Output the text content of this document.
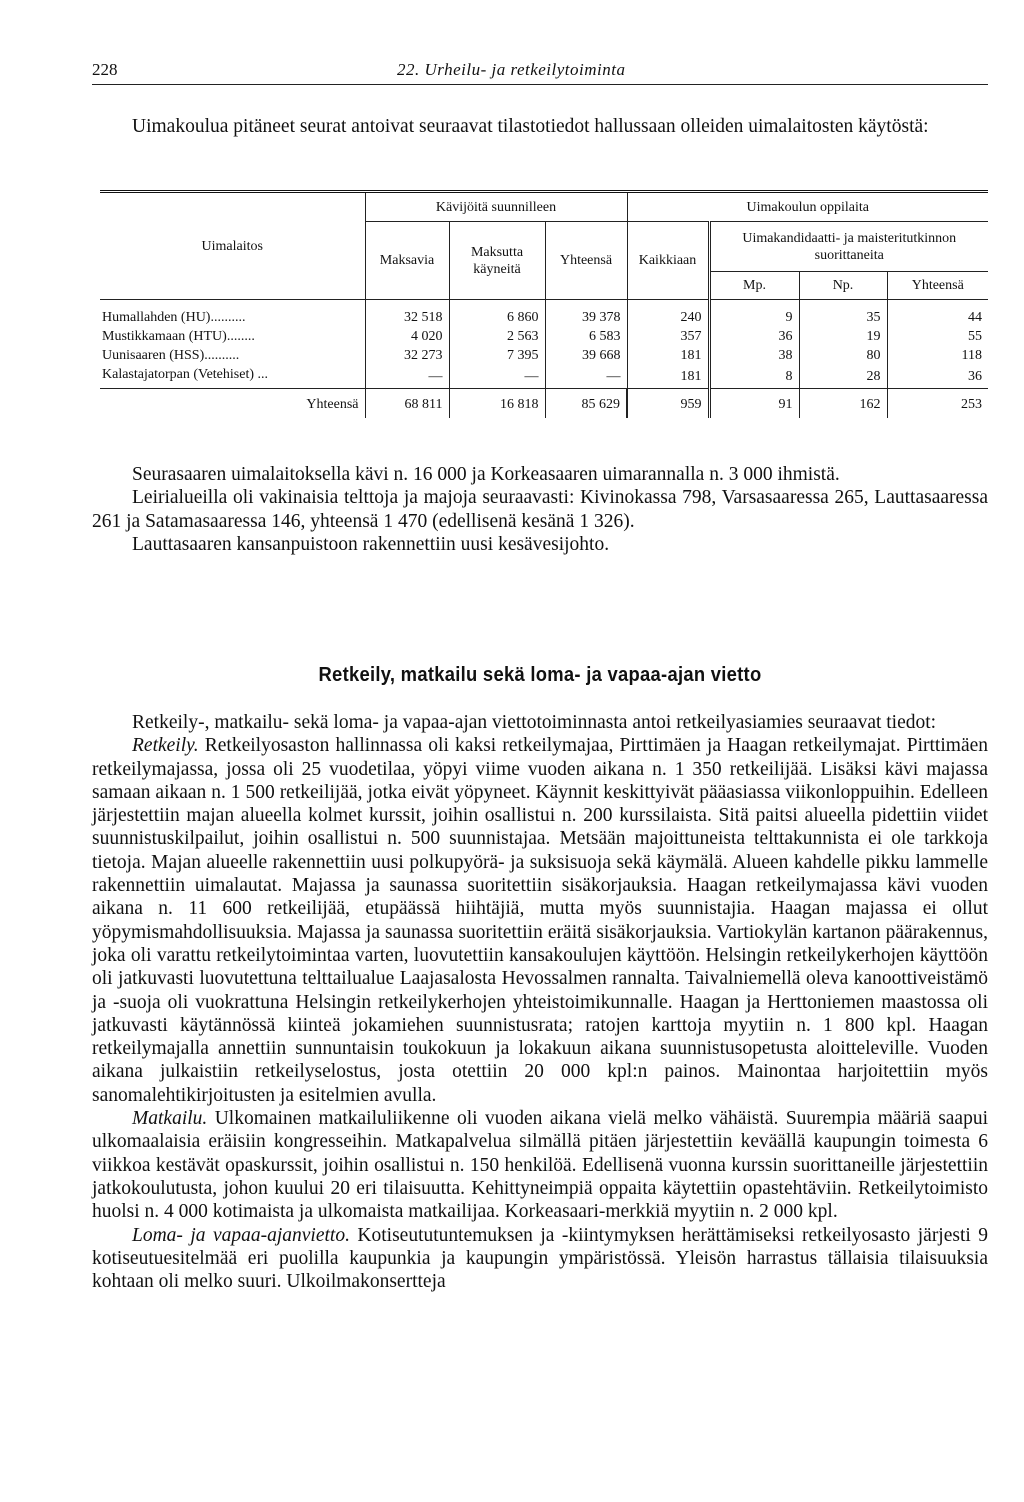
228	22. Urheilu- ja retkeilytoiminta

Uimakoulua pitäneet seurat antoivat seuraavat tilastotiedot hallussaan olleiden uimalaitosten käytöstä:

Uimalaitos	Kävijöitä suunnilleen			Uimakoulun oppilaita			
	Maksavia	Maksutta käyneitä	Yhteensä	Kaikkiaan	Uimakandidaatti- ja maisteritutkinnon suorittaneita		
					Mp.	Np.	Yhteensä
Humallahden (HU)..........	32 518	6 860	39 378	240	9	35	44
Mustikkamaan (HTU)........	4 020	2 563	6 583	357	36	19	55
Uunisaaren (HSS)..........	32 273	7 395	39 668	181	38	80	118
Kalastajatorpan (Vetehiset) ...	—	—	—	181	8	28	36
Yhteensä	68 811	16 818	85 629	959	91	162	253

Seurasaaren uimalaitoksella kävi n. 16 000 ja Korkeasaaren uimarannalla n. 3 000 ihmistä.

Leirialueilla oli vakinaisia telttoja ja majoja seuraavasti: Kivinokassa 798, Varsasaaressa 265, Lauttasaaressa 261 ja Satamasaaressa 146, yhteensä 1 470 (edellisenä kesänä 1 326).

Lauttasaaren kansanpuistoon rakennettiin uusi kesävesijohto.

Retkeily, matkailu sekä loma- ja vapaa-ajan vietto

Retkeily-, matkailu- sekä loma- ja vapaa-ajan viettotoiminnasta antoi retkeilyasiamies seuraavat tiedot:

Retkeily. Retkeilyosaston hallinnassa oli kaksi retkeilymajaa, Pirttimäen ja Haagan retkeilymajat. Pirttimäen retkeilymajassa, jossa oli 25 vuodetilaa, yöpyi viime vuoden aikana n. 1 350 retkeilijää. Lisäksi kävi majassa samaan aikaan n. 1 500 retkeilijää, jotka eivät yöpyneet. Käynnit keskittyivät pääasiassa viikonloppuihin. Edelleen järjestettiin majan alueella kolmet kurssit, joihin osallistui n. 200 kurssilaista. Sitä paitsi alueella pidettiin viidet suunnistuskilpailut, joihin osallistui n. 500 suunnistajaa. Metsään majoittuneista telttakunnista ei ole tarkkoja tietoja. Majan alueelle rakennettiin uusi polkupyörä- ja suksisuoja sekä käymälä. Alueen kahdelle pikku lammelle rakennettiin uimalautat. Majassa ja saunassa suoritettiin sisäkorjauksia. Haagan retkeilymajassa kävi vuoden aikana n. 11 600 retkeilijää, etupäässä hiihtäjiä, mutta myös suunnistajia. Haagan majassa ei ollut yöpymismahdollisuuksia. Majassa ja saunassa suoritettiin eräitä sisäkorjauksia. Vartiokylän kartanon päärakennus, joka oli varattu retkeilytoimintaa varten, luovutettiin kansakoulujen käyttöön. Helsingin retkeilykerhojen käyttöön oli jatkuvasti luovutettuna telttailualue Laajasalosta Hevossalmen rannalta. Taivalniemellä oleva kanoottiveistämö ja -suoja oli vuokrattuna Helsingin retkeilykerhojen yhteistoimikunnalle. Haagan ja Herttoniemen maastossa oli jatkuvasti käytännössä kiinteä jokamiehen suunnistusrata; ratojen karttoja myytiin n. 1 800 kpl. Haagan retkeilymajalla annettiin sunnuntaisin toukokuun ja lokakuun aikana suunnistusopetusta aloitteleville. Vuoden aikana julkaistiin retkeilyselostus, josta otettiin 20 000 kpl:n painos. Mainontaa harjoitettiin myös sanomalehtikirjoitusten ja esitelmien avulla.

Matkailu. Ulkomainen matkailuliikenne oli vuoden aikana vielä melko vähäistä. Suurempia määriä saapui ulkomaalaisia eräisiin kongresseihin. Matkapalvelua silmällä pitäen järjestettiin keväällä kaupungin toimesta 6 viikkoa kestävät opaskurssit, joihin osallistui n. 150 henkilöä. Edellisenä vuonna kurssin suorittaneille järjestettiin jatkokoulutusta, johon kuului 20 eri tilaisuutta. Kehittyneimpiä oppaita käytettiin opastehtäviin. Retkeilytoimisto huolsi n. 4 000 kotimaista ja ulkomaista matkailijaa. Korkeasaari-merkkiä myytiin n. 2 000 kpl.

Loma- ja vapaa-ajanvietto. Kotiseututuntemuksen ja -kiintymyksen herättämiseksi retkeilyosasto järjesti 9 kotiseutuesitelmää eri puolilla kaupunkia ja kaupungin ympäristössä. Yleisön harrastus tällaisia tilaisuuksia kohtaan oli melko suuri. Ulkoilmakonsertteja
